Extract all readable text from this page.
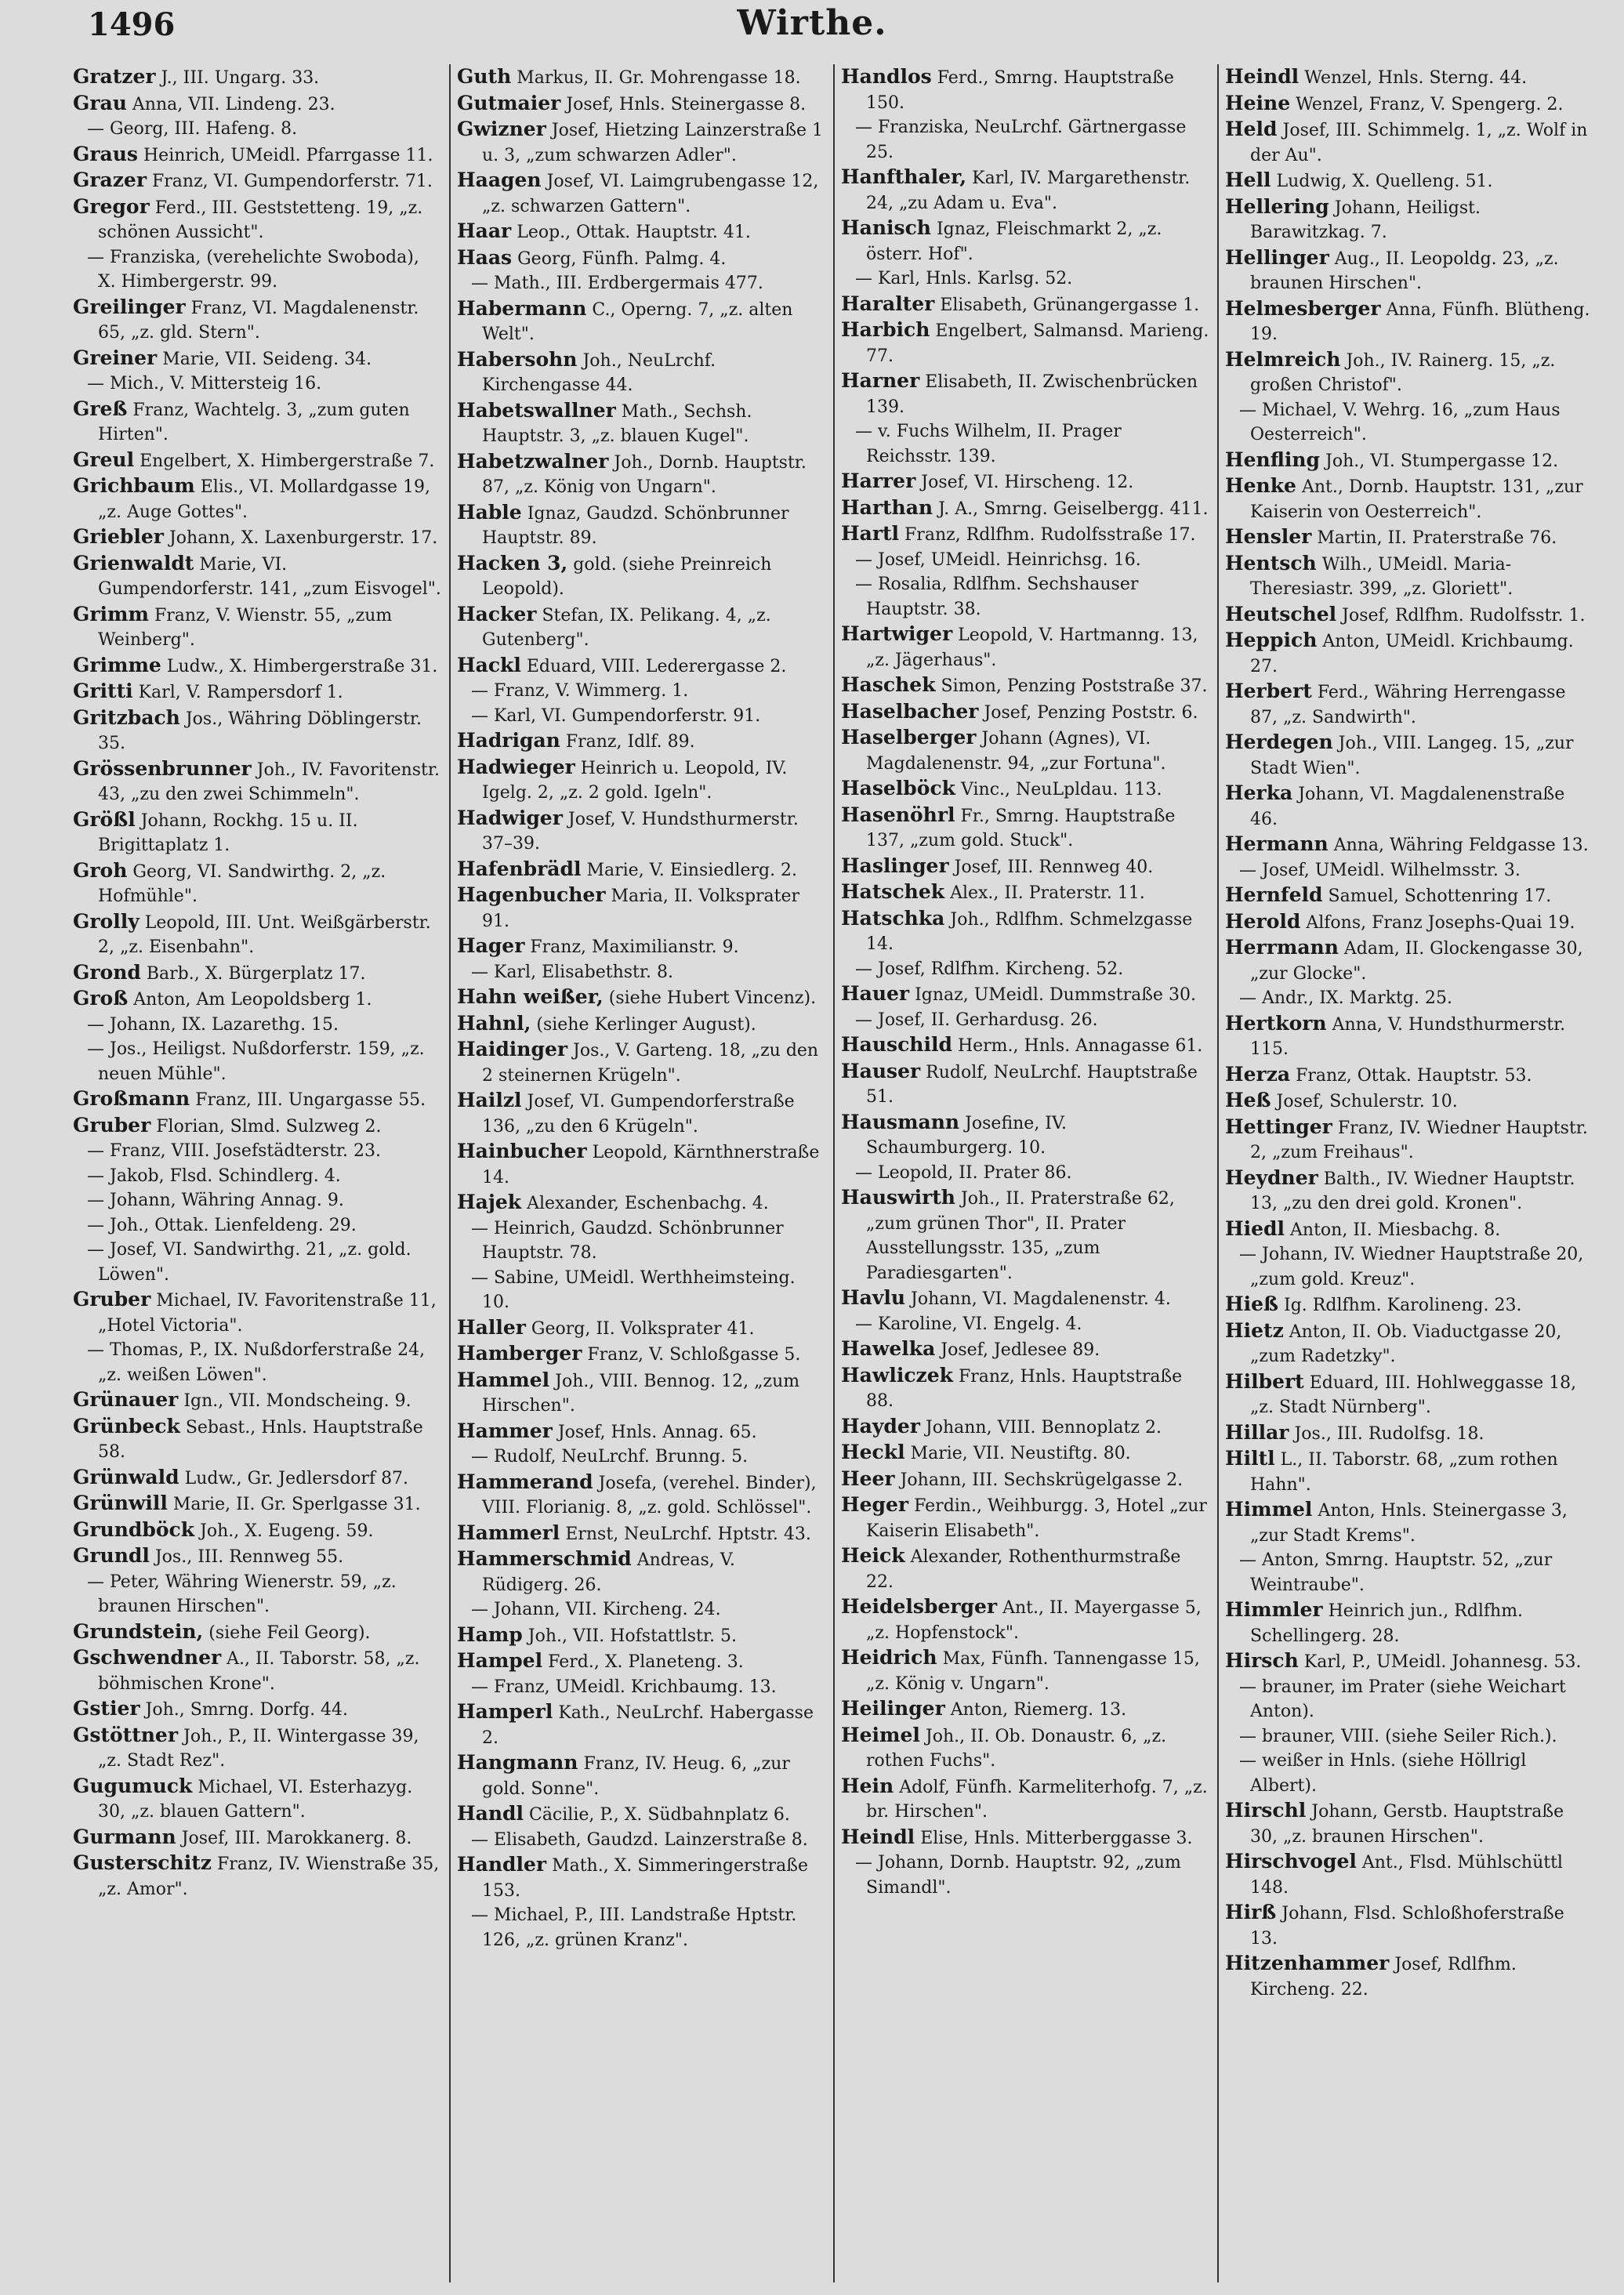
1496	Wirthe.

Gratzer J., III. Ungarg. 33.

Grau Anna, VII. Lindeng. 23.

— Georg, III. Hafeng. 8.

Graus Heinrich, UMeidl. Pfarrgasse 11.

Grazer Franz, VI. Gumpendorferstr. 71.

Gregor Ferd., III. Geststetteng. 19, „z. schönen Aussicht".

— Franziska, (verehelichte Swoboda), X. Himbergerstr. 99.

Greilinger Franz, VI. Magdalenenstr. 65, „z. gld. Stern".

Greiner Marie, VII. Seideng. 34.

— Mich., V. Mittersteig 16.

Greß Franz, Wachtelg. 3, „zum guten Hirten".

Greul Engelbert, X. Himbergerstraße 7.

Grichbaum Elis., VI. Mollardgasse 19, „z. Auge Gottes".

Griebler Johann, X. Laxenburgerstr. 17.

Grienwaldt Marie, VI. Gumpendorferstr. 141, „zum Eisvogel".

Grimm Franz, V. Wienstr. 55, „zum Weinberg".

Grimme Ludw., X. Himbergerstraße 31.

Gritti Karl, V. Rampersdorf 1.

Gritzbach Jos., Währing Döblingerstr. 35.

Grössenbrunner Joh., IV. Favoritenstr. 43, „zu den zwei Schimmeln".

Größl Johann, Rockhg. 15 u. II. Brigittaplatz 1.

Groh Georg, VI. Sandwirthg. 2, „z. Hofmühle".

Grolly Leopold, III. Unt. Weißgärberstr. 2, „z. Eisenbahn".

Grond Barb., X. Bürgerplatz 17.

Groß Anton, Am Leopoldsberg 1.

— Johann, IX. Lazarethg. 15.

— Jos., Heiligst. Nußdorferstr. 159, „z. neuen Mühle".

Großmann Franz, III. Ungargasse 55.

Gruber Florian, Slmd. Sulzweg 2.

— Franz, VIII. Josefstädterstr. 23.

— Jakob, Flsd. Schindlerg. 4.

— Johann, Währing Annag. 9.

— Joh., Ottak. Lienfeldeng. 29.

— Josef, VI. Sandwirthg. 21, „z. gold. Löwen".

Gruber Michael, IV. Favoritenstraße 11, „Hotel Victoria".

— Thomas, P., IX. Nußdorferstraße 24, „z. weißen Löwen".

Grünauer Ign., VII. Mondscheing. 9.

Grünbeck Sebast., Hnls. Hauptstraße 58.

Grünwald Ludw., Gr. Jedlersdorf 87.

Grünwill Marie, II. Gr. Sperlgasse 31.

Grundböck Joh., X. Eugeng. 59.

Grundl Jos., III. Rennweg 55.

— Peter, Währing Wienerstr. 59, „z. braunen Hirschen".

Grundstein, (siehe Feil Georg).

Gschwendner A., II. Taborstr. 58, „z. böhmischen Krone".

Gstier Joh., Smrng. Dorfg. 44.

Gstöttner Joh., P., II. Wintergasse 39, „z. Stadt Rez".

Gugumuck Michael, VI. Esterhazyg. 30, „z. blauen Gattern".

Gurmann Josef, III. Marokkanerg. 8.

Gusterschitz Franz, IV. Wienstraße 35, „z. Amor".

Guth Markus, II. Gr. Mohrengasse 18.

Gutmaier Josef, Hnls. Steinergasse 8.

Gwizner Josef, Hietzing Lainzerstraße 1 u. 3, „zum schwarzen Adler".

Haagen Josef, VI. Laimgrubengasse 12, „z. schwarzen Gattern".

Haar Leop., Ottak. Hauptstr. 41.

Haas Georg, Fünfh. Palmg. 4.

— Math., III. Erdbergermais 477.

Habermann C., Operng. 7, „z. alten Welt".

Habersohn Joh., NeuLrchf. Kirchengasse 44.

Habetswallner Math., Sechsh. Hauptstr. 3, „z. blauen Kugel".

Habetzwalner Joh., Dornb. Hauptstr. 87, „z. König von Ungarn".

Hable Ignaz, Gaudzd. Schönbrunner Hauptstr. 89.

Hacken 3, gold. (siehe Preinreich Leopold).

Hacker Stefan, IX. Pelikang. 4, „z. Gutenberg".

Hackl Eduard, VIII. Lederergasse 2.

— Franz, V. Wimmerg. 1.

— Karl, VI. Gumpendorferstr. 91.

Hadrigan Franz, Idlf. 89.

Hadwieger Heinrich u. Leopold, IV. Igelg. 2, „z. 2 gold. Igeln".

Hadwiger Josef, V. Hundsthurmerstr. 37–39.

Hafenbrädl Marie, V. Einsiedlerg. 2.

Hagenbucher Maria, II. Volksprater 91.

Hager Franz, Maximilianstr. 9.

— Karl, Elisabethstr. 8.

Hahn weißer, (siehe Hubert Vincenz).

Hahnl, (siehe Kerlinger August).

Haidinger Jos., V. Garteng. 18, „zu den 2 steinernen Krügeln".

Hailzl Josef, VI. Gumpendorferstraße 136, „zu den 6 Krügeln".

Hainbucher Leopold, Kärnthnerstraße 14.

Hajek Alexander, Eschenbachg. 4.

— Heinrich, Gaudzd. Schönbrunner Hauptstr. 78.

— Sabine, UMeidl. Werthheimsteing. 10.

Haller Georg, II. Volksprater 41.

Hamberger Franz, V. Schloßgasse 5.

Hammel Joh., VIII. Bennog. 12, „zum Hirschen".

Hammer Josef, Hnls. Annag. 65.

— Rudolf, NeuLrchf. Brunng. 5.

Hammerand Josefa, (verehel. Binder), VIII. Florianig. 8, „z. gold. Schlössel".

Hammerl Ernst, NeuLrchf. Hptstr. 43.

Hammerschmid Andreas, V. Rüdigerg. 26.

— Johann, VII. Kircheng. 24.

Hamp Joh., VII. Hofstattlstr. 5.

Hampel Ferd., X. Planeteng. 3.

— Franz, UMeidl. Krichbaumg. 13.

Hamperl Kath., NeuLrchf. Habergasse 2.

Hangmann Franz, IV. Heug. 6, „zur gold. Sonne".

Handl Cäcilie, P., X. Südbahnplatz 6.

— Elisabeth, Gaudzd. Lainzerstraße 8.

Handler Math., X. Simmeringerstraße 153.

— Michael, P., III. Landstraße Hptstr. 126, „z. grünen Kranz".

Handlos Ferd., Smrng. Hauptstraße 150.

— Franziska, NeuLrchf. Gärtnergasse 25.

Hanfthaler, Karl, IV. Margarethenstr. 24, „zu Adam u. Eva".

Hanisch Ignaz, Fleischmarkt 2, „z. österr. Hof".

— Karl, Hnls. Karlsg. 52.

Haralter Elisabeth, Grünangergasse 1.

Harbich Engelbert, Salmansd. Marieng. 77.

Harner Elisabeth, II. Zwischenbrücken 139.

— v. Fuchs Wilhelm, II. Prager Reichsstr. 139.

Harrer Josef, VI. Hirscheng. 12.

Harthan J. A., Smrng. Geiselbergg. 411.

Hartl Franz, Rdlfhm. Rudolfsstraße 17.

— Josef, UMeidl. Heinrichsg. 16.

— Rosalia, Rdlfhm. Sechshauser Hauptstr. 38.

Hartwiger Leopold, V. Hartmanng. 13, „z. Jägerhaus".

Haschek Simon, Penzing Poststraße 37.

Haselbacher Josef, Penzing Poststr. 6.

Haselberger Johann (Agnes), VI. Magdalenenstr. 94, „zur Fortuna".

Haselböck Vinc., NeuLpldau. 113.

Hasenöhrl Fr., Smrng. Hauptstraße 137, „zum gold. Stuck".

Haslinger Josef, III. Rennweg 40.

Hatschek Alex., II. Praterstr. 11.

Hatschka Joh., Rdlfhm. Schmelzgasse 14.

— Josef, Rdlfhm. Kircheng. 52.

Hauer Ignaz, UMeidl. Dummstraße 30.

— Josef, II. Gerhardusg. 26.

Hauschild Herm., Hnls. Annagasse 61.

Hauser Rudolf, NeuLrchf. Hauptstraße 51.

Hausmann Josefine, IV. Schaumburgerg. 10.

— Leopold, II. Prater 86.

Hauswirth Joh., II. Praterstraße 62, „zum grünen Thor", II. Prater Ausstellungsstr. 135, „zum Paradiesgarten".

Havlu Johann, VI. Magdalenenstr. 4.

— Karoline, VI. Engelg. 4.

Hawelka Josef, Jedlesee 89.

Hawliczek Franz, Hnls. Hauptstraße 88.

Hayder Johann, VIII. Bennoplatz 2.

Heckl Marie, VII. Neustiftg. 80.

Heer Johann, III. Sechskrügelgasse 2.

Heger Ferdin., Weihburgg. 3, Hotel „zur Kaiserin Elisabeth".

Heick Alexander, Rothenthurmstraße 22.

Heidelsberger Ant., II. Mayergasse 5, „z. Hopfenstock".

Heidrich Max, Fünfh. Tannengasse 15, „z. König v. Ungarn".

Heilinger Anton, Riemerg. 13.

Heimel Joh., II. Ob. Donaustr. 6, „z. rothen Fuchs".

Hein Adolf, Fünfh. Karmeliterhofg. 7, „z. br. Hirschen".

Heindl Elise, Hnls. Mitterberggasse 3.

— Johann, Dornb. Hauptstr. 92, „zum Simandl".

Heindl Wenzel, Hnls. Sterng. 44.

Heine Wenzel, Franz, V. Spengerg. 2.

Held Josef, III. Schimmelg. 1, „z. Wolf in der Au".

Hell Ludwig, X. Quelleng. 51.

Hellering Johann, Heiligst. Barawitzkag. 7.

Hellinger Aug., II. Leopoldg. 23, „z. braunen Hirschen".

Helmesberger Anna, Fünfh. Blütheng. 19.

Helmreich Joh., IV. Rainerg. 15, „z. großen Christof".

— Michael, V. Wehrg. 16, „zum Haus Oesterreich".

Henfling Joh., VI. Stumpergasse 12.

Henke Ant., Dornb. Hauptstr. 131, „zur Kaiserin von Oesterreich".

Hensler Martin, II. Praterstraße 76.

Hentsch Wilh., UMeidl. Maria-Theresiastr. 399, „z. Gloriett".

Heutschel Josef, Rdlfhm. Rudolfsstr. 1.

Heppich Anton, UMeidl. Krichbaumg. 27.

Herbert Ferd., Währing Herrengasse 87, „z. Sandwirth".

Herdegen Joh., VIII. Langeg. 15, „zur Stadt Wien".

Herka Johann, VI. Magdalenenstraße 46.

Hermann Anna, Währing Feldgasse 13.

— Josef, UMeidl. Wilhelmsstr. 3.

Hernfeld Samuel, Schottenring 17.

Herold Alfons, Franz Josephs-Quai 19.

Herrmann Adam, II. Glockengasse 30, „zur Glocke".

— Andr., IX. Marktg. 25.

Hertkorn Anna, V. Hundsthurmerstr. 115.

Herza Franz, Ottak. Hauptstr. 53.

Heß Josef, Schulerstr. 10.

Hettinger Franz, IV. Wiedner Hauptstr. 2, „zum Freihaus".

Heydner Balth., IV. Wiedner Hauptstr. 13, „zu den drei gold. Kronen".

Hiedl Anton, II. Miesbachg. 8.

— Johann, IV. Wiedner Hauptstraße 20, „zum gold. Kreuz".

Hieß Ig. Rdlfhm. Karolineng. 23.

Hietz Anton, II. Ob. Viaductgasse 20, „zum Radetzky".

Hilbert Eduard, III. Hohlweggasse 18, „z. Stadt Nürnberg".

Hillar Jos., III. Rudolfsg. 18.

Hiltl L., II. Taborstr. 68, „zum rothen Hahn".

Himmel Anton, Hnls. Steinergasse 3, „zur Stadt Krems".

— Anton, Smrng. Hauptstr. 52, „zur Weintraube".

Himmler Heinrich jun., Rdlfhm. Schellingerg. 28.

Hirsch Karl, P., UMeidl. Johannesg. 53.

— brauner, im Prater (siehe Weichart Anton).

— brauner, VIII. (siehe Seiler Rich.).

— weißer in Hnls. (siehe Höllrigl Albert).

Hirschl Johann, Gerstb. Hauptstraße 30, „z. braunen Hirschen".

Hirschvogel Ant., Flsd. Mühlschüttl 148.

Hirß Johann, Flsd. Schloßhoferstraße 13.

Hitzenhammer Josef, Rdlfhm. Kircheng. 22.
